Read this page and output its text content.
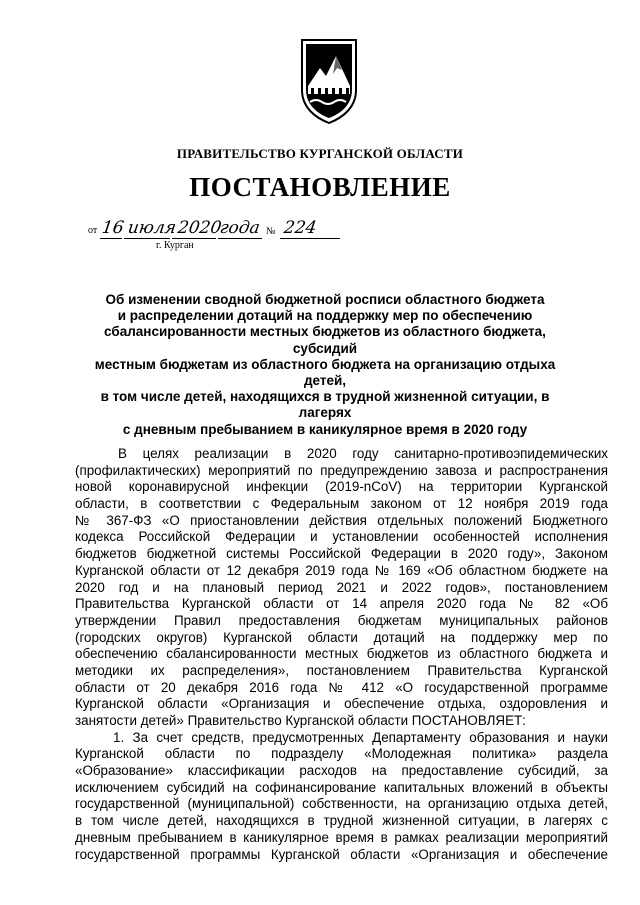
ПРАВИТЕЛЬСТВО КУРГАНСКОЙ ОБЛАСТИ
ПОСТАНОВЛЕНИЕ
от 16 июля 2020
года № 224
г. Курган
Об изменении сводной бюджетной росписи областного бюджета
и распределении дотаций на поддержку мер по обеспечению
сбалансированности местных бюджетов из областного бюджета, субсидий
местным бюджетам из областного бюджета на организацию отдыха детей,
в том числе детей, находящихся в трудной жизненной ситуации, в лагерях
с дневным пребыванием в каникулярное время в 2020 году
В целях реализации в 2020 году санитарно-противоэпидемических
(профилактических) мероприятий по предупреждению завоза и распространения
новой коронавирусной инфекции (2019-nCoV) на территории Курганской
области, в соответствии с Федеральным законом от 12 ноября 2019 года
№ 367-ФЗ «О приостановлении действия отдельных положений Бюджетного
кодекса Российской Федерации и установлении особенностей исполнения
бюджетов бюджетной системы Российской Федерации в 2020 году», Законом
Курганской области от 12 декабря 2019 года № 169 «Об областном бюджете на
2020 год и на плановый период 2021 и 2022 годов», постановлением
Правительства Курганской области от 14 апреля 2020 года № 82 «Об
утверждении Правил предоставления бюджетам муниципальных районов
(городских округов) Курганской области дотаций на поддержку мер по
обеспечению сбалансированности местных бюджетов из областного бюджета и
методики их распределения», постановлением Правительства Курганской
области от 20 декабря 2016 года № 412 «О государственной программе
Курганской области «Организация и обеспечение отдыха, оздоровления и
занятости детей» Правительство Курганской области ПОСТАНОВЛЯЕТ:
1. За счет средств, предусмотренных Департаменту образования и науки
Курганской области по подразделу «Молодежная политика» раздела
«Образование» классификации расходов на предоставление субсидий, за
исключением субсидий на софинансирование капитальных вложений в объекты
государственной (муниципальной) собственности, на организацию отдыха детей,
в том числе детей, находящихся в трудной жизненной ситуации, в лагерях с
дневным пребыванием в каникулярное время в рамках реализации мероприятий
государственной программы Курганской области «Организация и обеспечение
